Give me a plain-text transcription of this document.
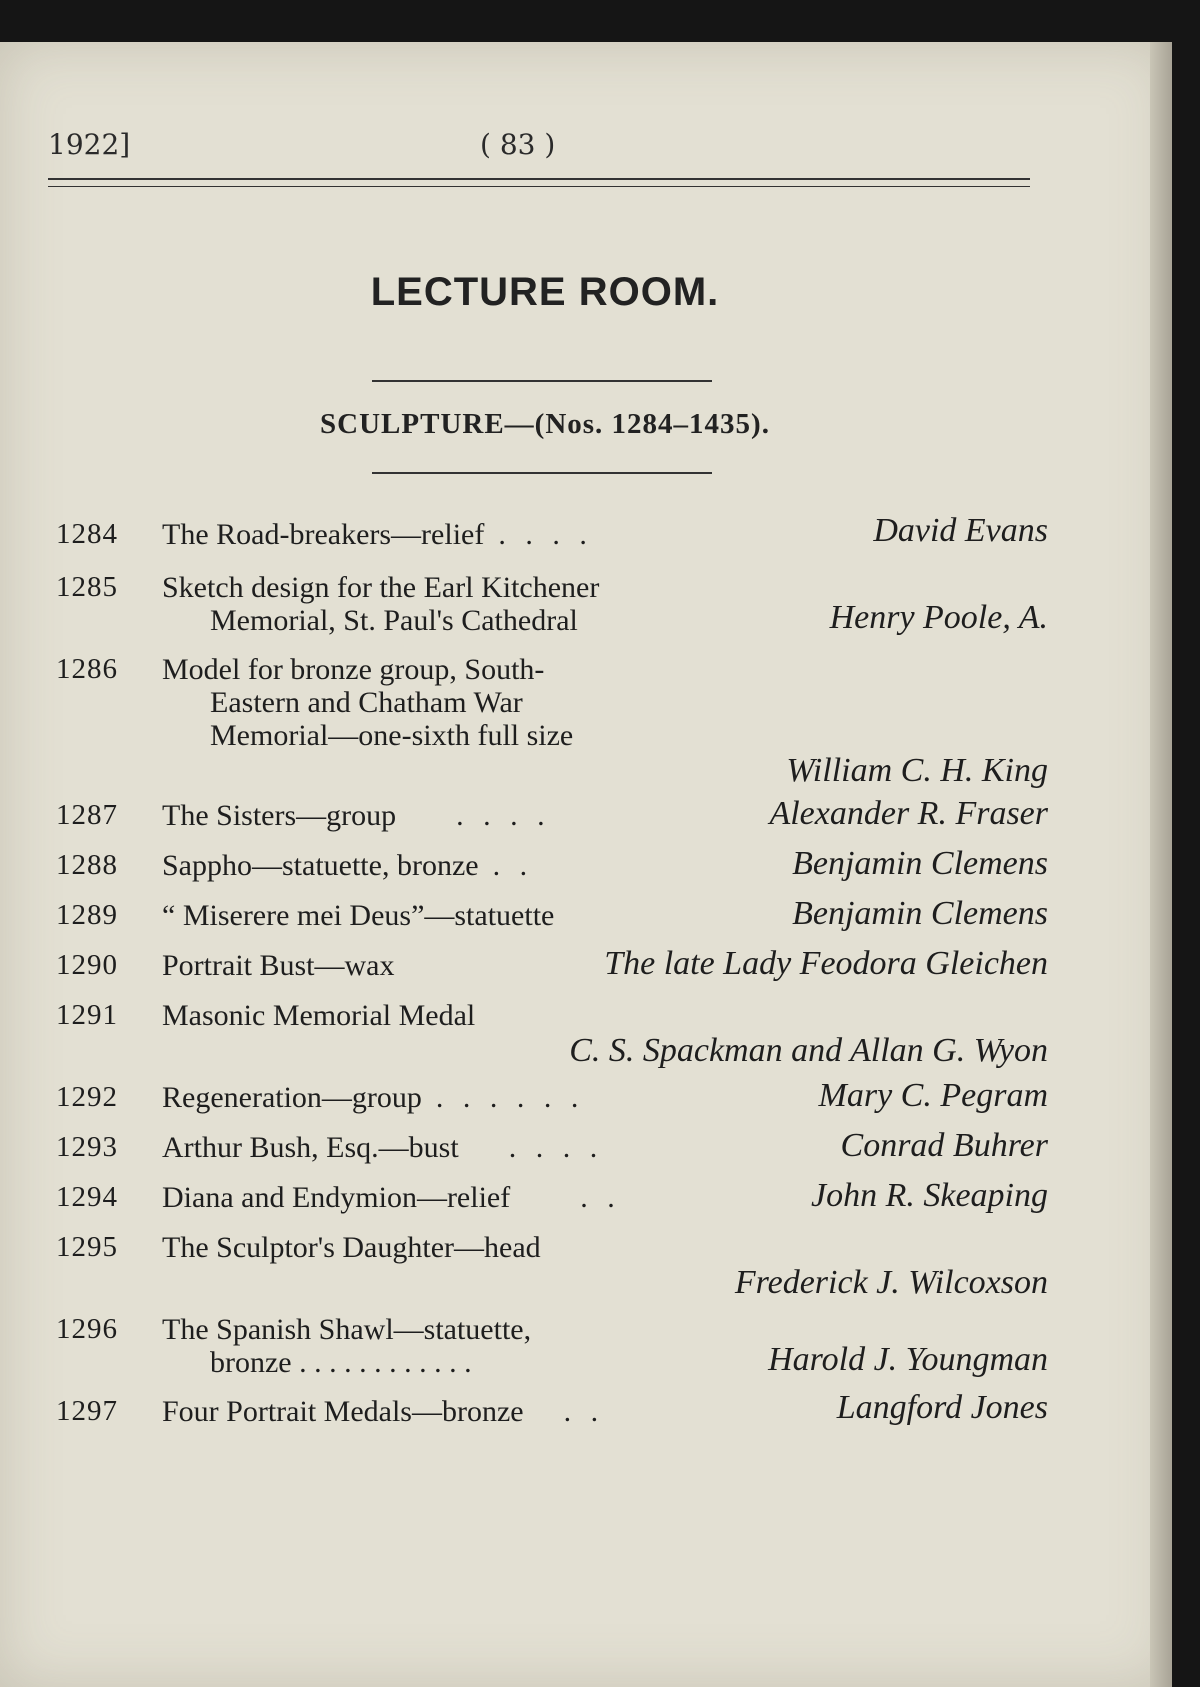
1922]	( 83 )
LECTURE ROOM.
SCULPTURE—(Nos. 1284–1435).
1284	The Road-breakers—relief . . . .	David Evans
1285	Sketch design for the Earl Kitchener
Memorial, St. Paul's Cathedral	Henry Poole, A.
1286	Model for bronze group, South-
Eastern and Chatham War
Memorial—one-sixth full size
William C. H. King
1287	The Sisters—group . . . .	Alexander R. Fraser
1288	Sappho—statuette, bronze . .	Benjamin Clemens
1289	“ Miserere mei Deus”—statuette	Benjamin Clemens
1290	Portrait Bust—wax	The late Lady Feodora Gleichen
1291	Masonic Memorial Medal
C. S. Spackman and Allan G. Wyon
1292	Regeneration—group . . . . . .	Mary C. Pegram
1293	Arthur Bush, Esq.—bust . . . .	Conrad Buhrer
1294	Diana and Endymion—relief . .	John R. Skeaping
1295	The Sculptor's Daughter—head
Frederick J. Wilcoxson
1296	The Spanish Shawl—statuette,
bronze . . . . . . . . . . . .	Harold J. Youngman
1297	Four Portrait Medals—bronze . .	Langford Jones
